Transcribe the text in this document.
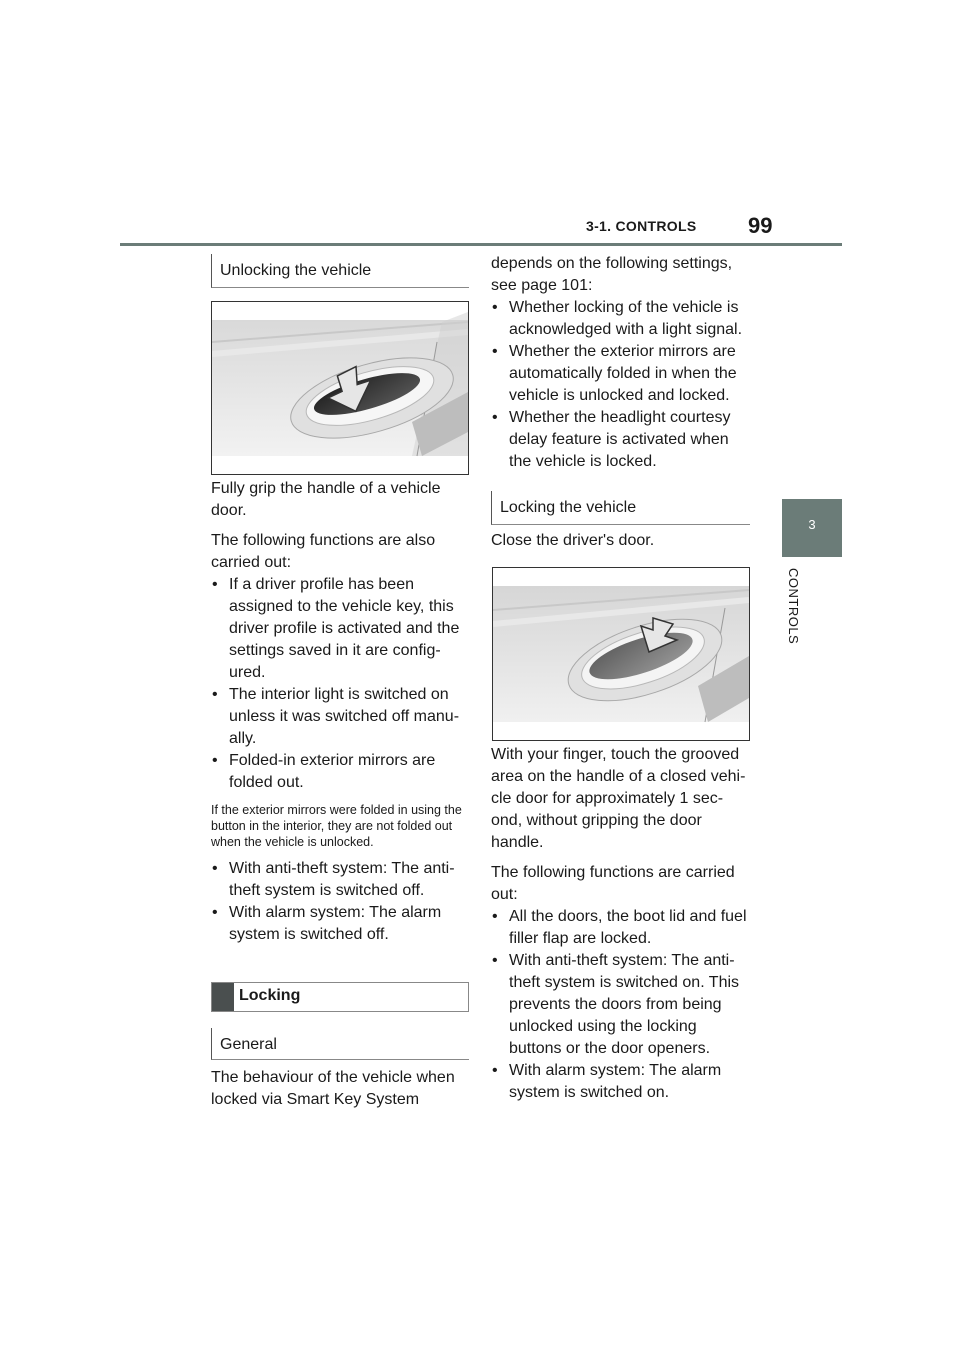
3-1. CONTROLS 99
3
CONTROLS
Unlocking the vehicle

Fully grip the handle of a vehicle door.

The following functions are also carried out:

• If a driver profile has been assigned to the vehicle key, this driver profile is activated and the settings saved in it are config-ured.
• The interior light is switched on unless it was switched off manu-ally.
• Folded-in exterior mirrors are folded out.

If the exterior mirrors were folded in using the button in the interior, they are not folded out when the vehicle is unlocked.

• With anti-theft system: The anti-theft system is switched off.
• With alarm system: The alarm system is switched off.
Locking
General

The behaviour of the vehicle when locked via Smart Key System

depends on the following settings, see page 101:

• Whether locking of the vehicle is acknowledged with a light signal.
• Whether the exterior mirrors are automatically folded in when the vehicle is unlocked and locked.
• Whether the headlight courtesy delay feature is activated when the vehicle is locked.
Locking the vehicle
Close the driver's door.

With your finger, touch the grooved area on the handle of a closed vehi-cle door for approximately 1 sec-ond, without gripping the door handle.

The following functions are carried out:

• All the doors, the boot lid and fuel filler flap are locked.
• With anti-theft system: The anti-theft system is switched on. This prevents the doors from being unlocked using the locking buttons or the door openers.
• With alarm system: The alarm system is switched on.
